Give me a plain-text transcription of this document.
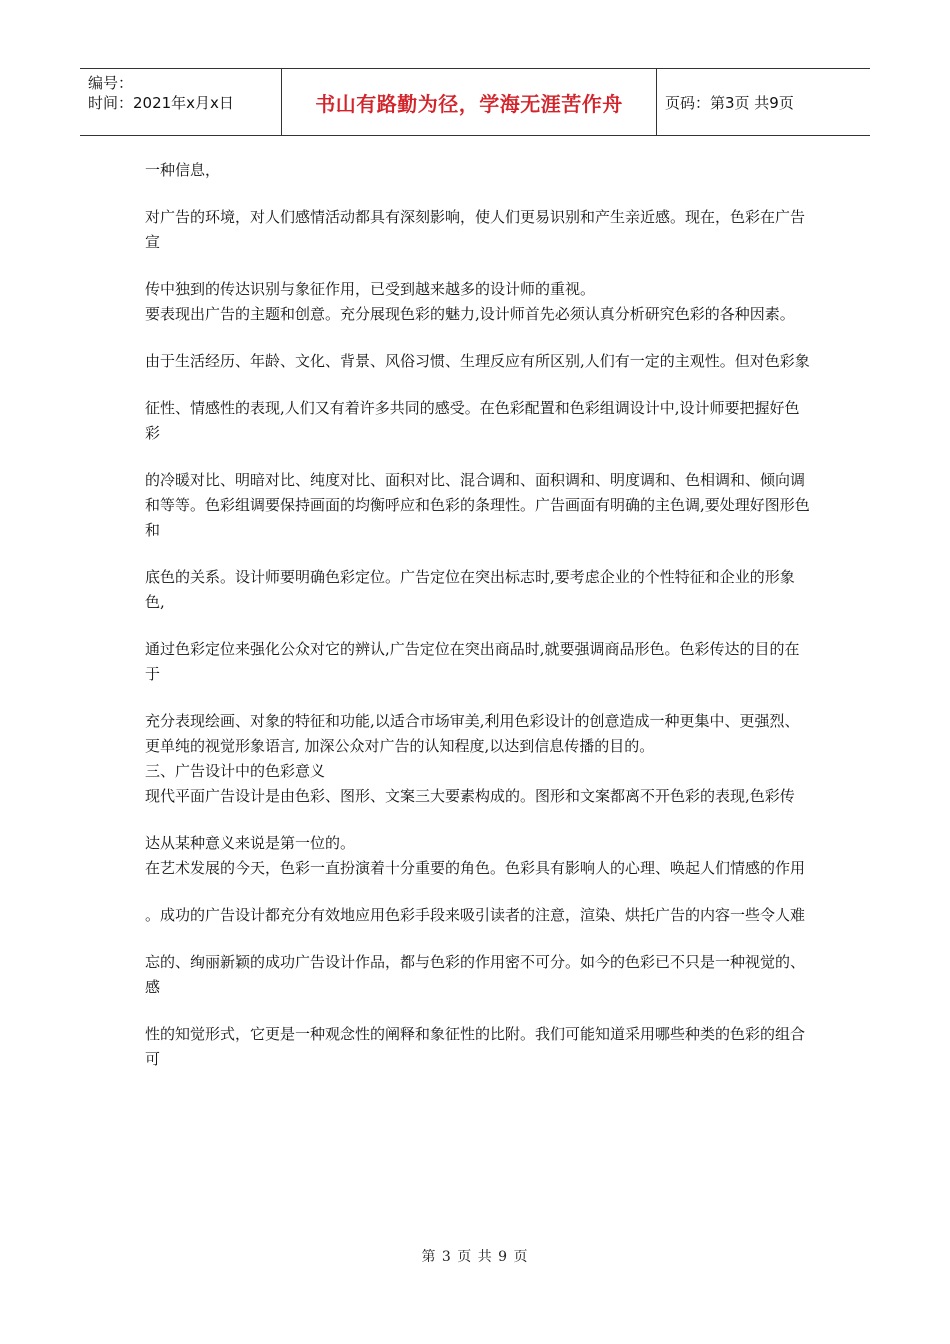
编号：
时间：2021年x月x日	书山有路勤为径，学海无涯苦作舟	页码：第3页 共9页

一种信息，

对广告的环境，对人们感情活动都具有深刻影响，使人们更易识别和产生亲近感。现在，色彩在广告宣

传中独到的传达识别与象征作用，已受到越来越多的设计师的重视。

要表现出广告的主题和创意。充分展现色彩的魅力,设计师首先必须认真分析研究色彩的各种因素。

由于生活经历、年龄、文化、背景、风俗习惯、生理反应有所区别,人们有一定的主观性。但对色彩象

征性、情感性的表现,人们又有着许多共同的感受。在色彩配置和色彩组调设计中,设计师要把握好色彩

的冷暖对比、明暗对比、纯度对比、面积对比、混合调和、面积调和、明度调和、色相调和、倾向调和等等。色彩组调要保持画面的均衡呼应和色彩的条理性。广告画面有明确的主色调,要处理好图形色和

底色的关系。设计师要明确色彩定位。广告定位在突出标志时,要考虑企业的个性特征和企业的形象色,

通过色彩定位来强化公众对它的辨认,广告定位在突出商品时,就要强调商品形色。色彩传达的目的在于

充分表现绘画、对象的特征和功能,以适合市场审美,利用色彩设计的创意造成一种更集中、更强烈、更单纯的视觉形象语言, 加深公众对广告的认知程度,以达到信息传播的目的。

三、广告设计中的色彩意义

现代平面广告设计是由色彩、图形、文案三大要素构成的。图形和文案都离不开色彩的表现,色彩传

达从某种意义来说是第一位的。

在艺术发展的今天，色彩一直扮演着十分重要的角色。色彩具有影响人的心理、唤起人们情感的作用

。成功的广告设计都充分有效地应用色彩手段来吸引读者的注意，渲染、烘托广告的内容一些令人难

忘的、绚丽新颖的成功广告设计作品，都与色彩的作用密不可分。如今的色彩已不只是一种视觉的、感

性的知觉形式，它更是一种观念性的阐释和象征性的比附。我们可能知道采用哪些种类的色彩的组合可

第 3 页 共 9 页
